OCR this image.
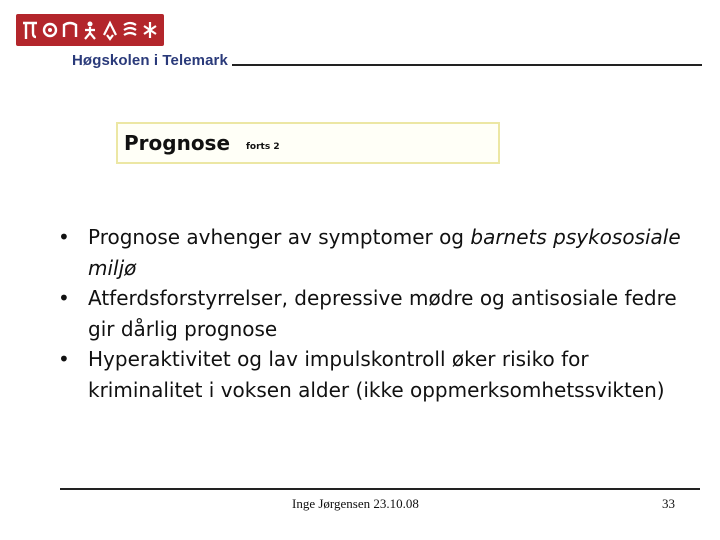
Høgskolen i Telemark
Prognose forts 2
• Prognose avhenger av symptomer og barnets psykososiale miljø
• Atferdsforstyrrelser, depressive mødre og antisosiale fedre gir dårlig prognose
• Hyperaktivitet og lav impulskontroll øker risiko for kriminalitet i voksen alder (ikke oppmerksomhetssvikten)
Inge Jørgensen 23.10.08	33
